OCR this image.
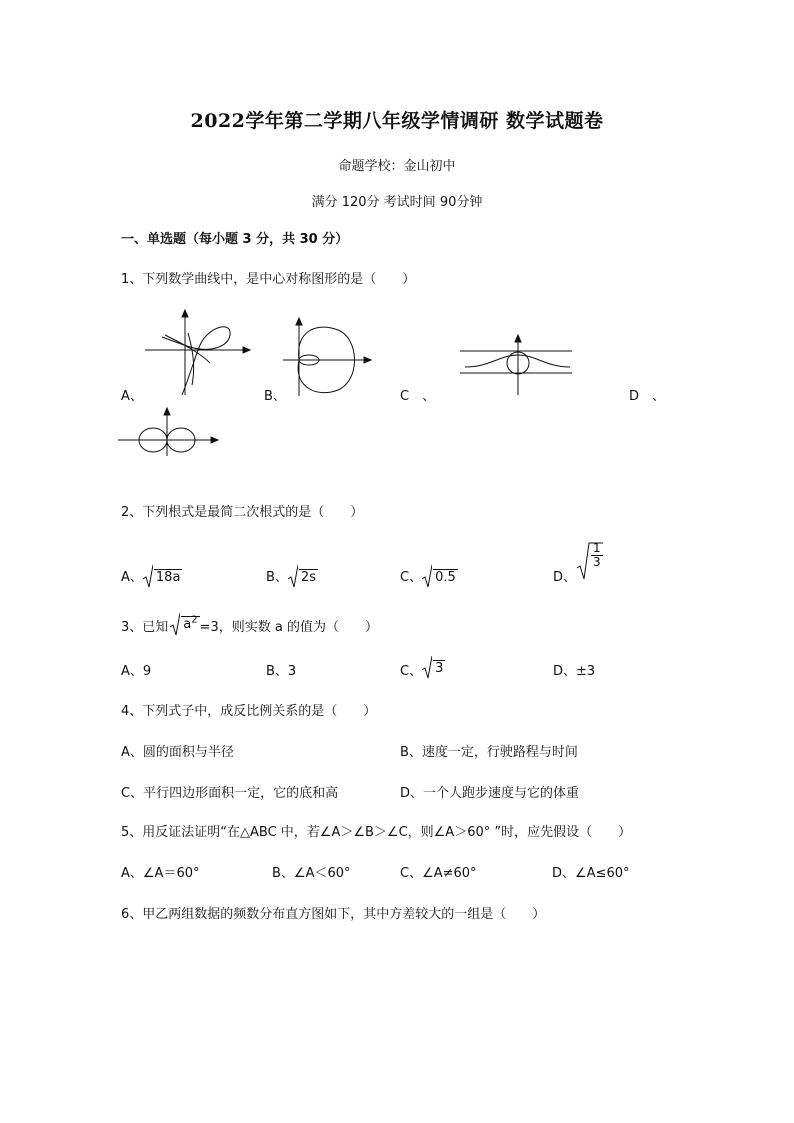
2022学年第二学期八年级学情调研 数学试题卷
命题学校：金山初中
满分 120分 考试时间 90分钟
一、单选题（每小题 3 分，共 30 分）
1、下列数学曲线中，是中心对称图形的是（　　）
A、	B、	C　、	D　、
2、下列根式是最简二次根式的是（　　）
A、 18a	B、 2s	C、 0.5	D、
$\frac{1}{3}$
3、已知 $a^2 =3$，则实数 a 的值为（　　）
A、9	B、3	C、 3	D、±3
4、下列式子中，成反比例关系的是（　　）
A、圆的面积与半径	B、速度一定，行驶路程与时间
C、平行四边形面积一定，它的底和高	D、一个人跑步速度与它的体重
5、用反证法证明“在△ABC 中，若∠A＞∠B＞∠C，则∠A＞60° ”时，应先假设（　　）
A、∠A＝60°	B、∠A＜60°	C、∠A≠60°	D、∠A≤60°
6、甲乙两组数据的频数分布直方图如下，其中方差较大的一组是（　　）
